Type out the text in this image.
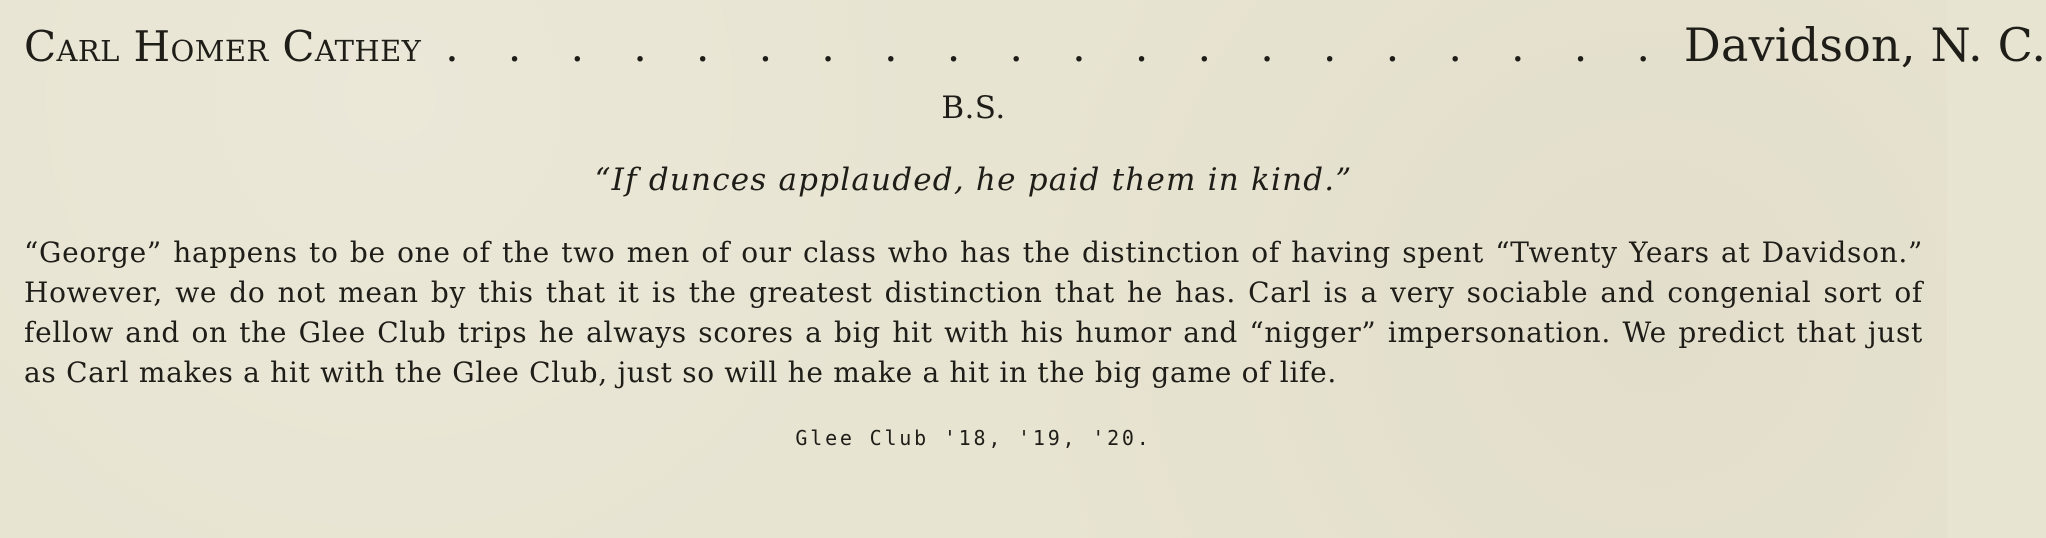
Carl Homer Cathey . . . . . . . . . . . . . . . . . . . . Davidson, N. C.
B.S.
“If dunces applauded, he paid them in kind.”

“George” happens to be one of the two men of our class who has the distinction of having spent “Twenty Years at Davidson.” However, we do not mean by this that it is the greatest distinction that he has. Carl is a very sociable and congenial sort of fellow and on the Glee Club trips he always scores a big hit with his humor and “nigger” impersonation. We predict that just as Carl makes a hit with the Glee Club, just so will he make a hit in the big game of life.

Glee Club '18, '19, '20.
